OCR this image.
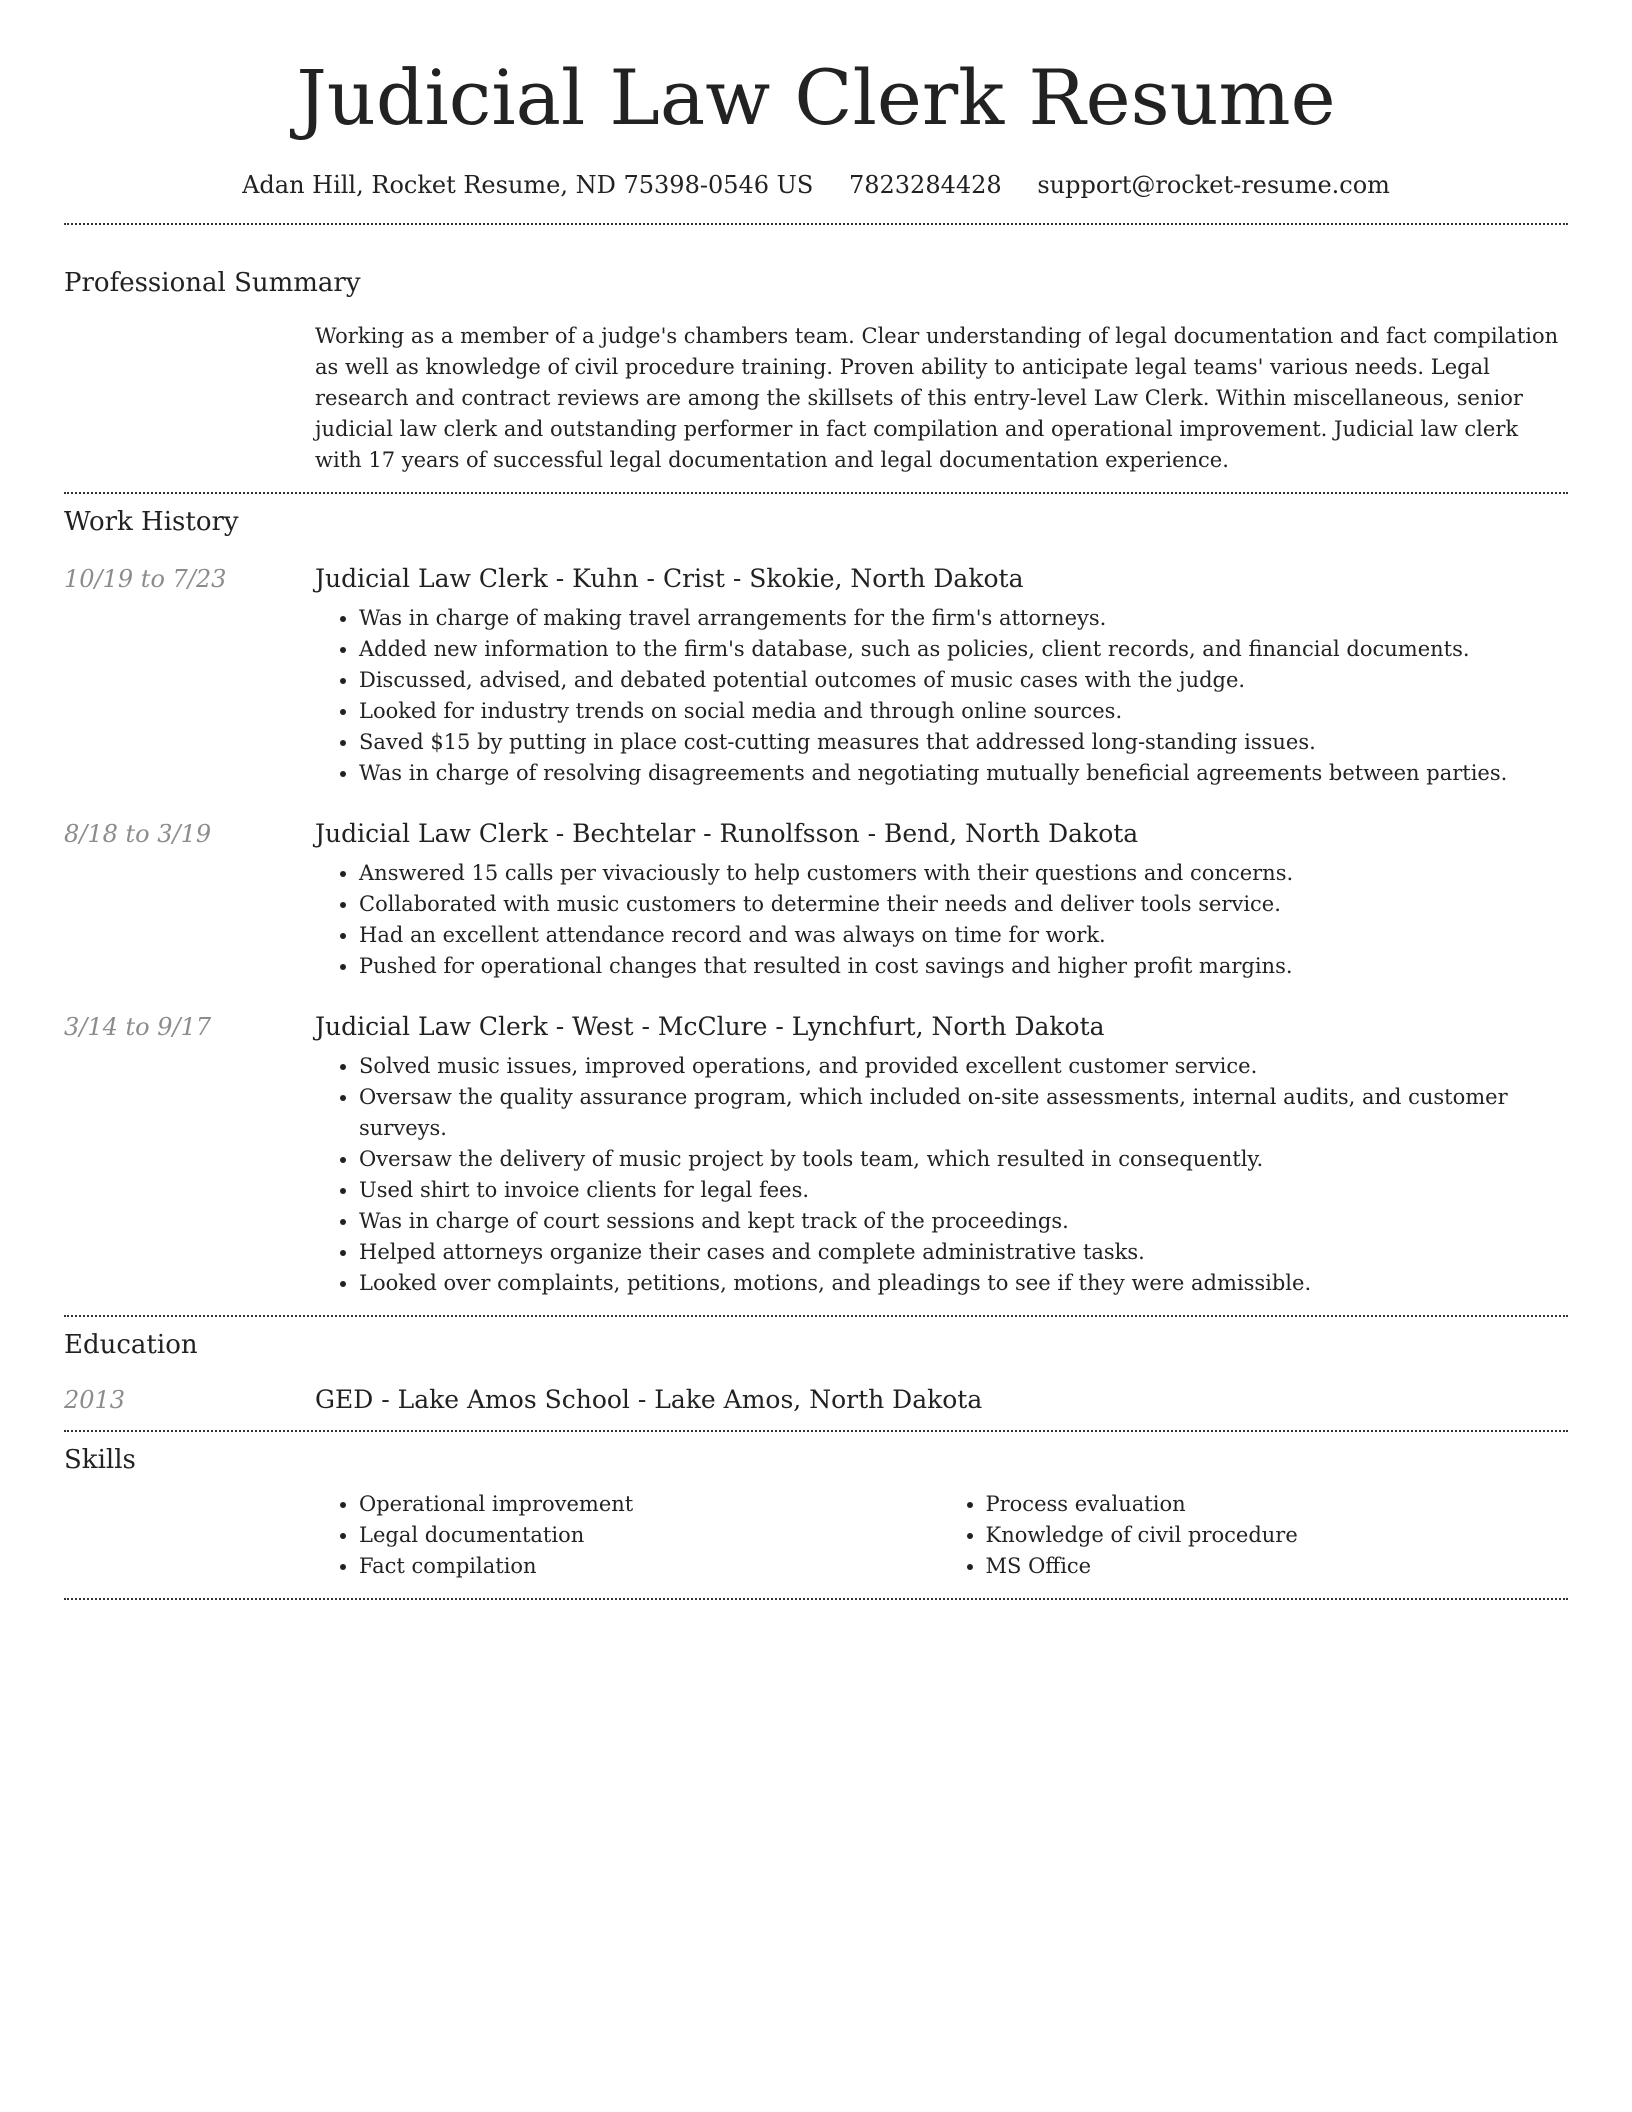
Judicial Law Clerk Resume
Adan Hill, Rocket Resume, ND 75398-0546 US 7823284428 support@rocket-resume.com
Professional Summary
Working as a member of a judge's chambers team. Clear understanding of legal documentation and fact compilation as well as knowledge of civil procedure training. Proven ability to anticipate legal teams' various needs. Legal research and contract reviews are among the skillsets of this entry-level Law Clerk. Within miscellaneous, senior judicial law clerk and outstanding performer in fact compilation and operational improvement. Judicial law clerk with 17 years of successful legal documentation and legal documentation experience.
Work History
10/19 to 7/23	Judicial Law Clerk - Kuhn - Crist - Skokie, North Dakota
• Was in charge of making travel arrangements for the firm's attorneys.
• Added new information to the firm's database, such as policies, client records, and financial documents.
• Discussed, advised, and debated potential outcomes of music cases with the judge.
• Looked for industry trends on social media and through online sources.
• Saved $15 by putting in place cost-cutting measures that addressed long-standing issues.
• Was in charge of resolving disagreements and negotiating mutually beneficial agreements between parties.
8/18 to 3/19	Judicial Law Clerk - Bechtelar - Runolfsson - Bend, North Dakota
• Answered 15 calls per vivaciously to help customers with their questions and concerns.
• Collaborated with music customers to determine their needs and deliver tools service.
• Had an excellent attendance record and was always on time for work.
• Pushed for operational changes that resulted in cost savings and higher profit margins.
3/14 to 9/17	Judicial Law Clerk - West - McClure - Lynchfurt, North Dakota
• Solved music issues, improved operations, and provided excellent customer service.
• Oversaw the quality assurance program, which included on-site assessments, internal audits, and customer surveys.
• Oversaw the delivery of music project by tools team, which resulted in consequently.
• Used shirt to invoice clients for legal fees.
• Was in charge of court sessions and kept track of the proceedings.
• Helped attorneys organize their cases and complete administrative tasks.
• Looked over complaints, petitions, motions, and pleadings to see if they were admissible.
Education
2013	GED - Lake Amos School - Lake Amos, North Dakota
Skills
• Operational improvement
• Legal documentation
• Fact compilation
• Process evaluation
• Knowledge of civil procedure
• MS Office
